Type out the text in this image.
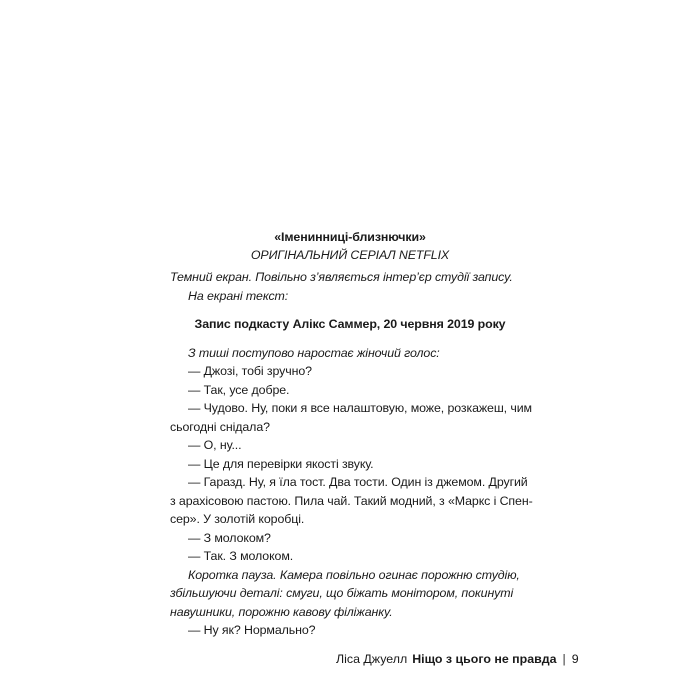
«Іменинниці-близнючки»
ОРИГІНАЛЬНИЙ СЕРІАЛ NETFLIX
Темний екран. Повільно з’являється інтер’єр студії запису.
На екрані текст:
Запис подкасту Алікс Саммер, 20 червня 2019 року
З тиші поступово наростає жіночий голос:
— Джозі, тобі зручно?
— Так, усе добре.
— Чудово. Ну, поки я все налаштовую, може, розкажеш, чим
сьогодні снідала?
— О, ну...
— Це для перевірки якості звуку.
— Гаразд. Ну, я їла тост. Два тости. Один із джемом. Другий
з арахісовою пастою. Пила чай. Такий модний, з «Маркс і Спен-
сер». У золотій коробці.
— З молоком?
— Так. З молоком.
Коротка пауза. Камера повільно огинає порожню студію,
збільшуючи деталі: смуги, що біжать монітором, покинуті
навушники, порожню кавову філіжанку.
— Ну як? Нормально?
Ліса Джуелл Ніщо з цього не правда | 9
